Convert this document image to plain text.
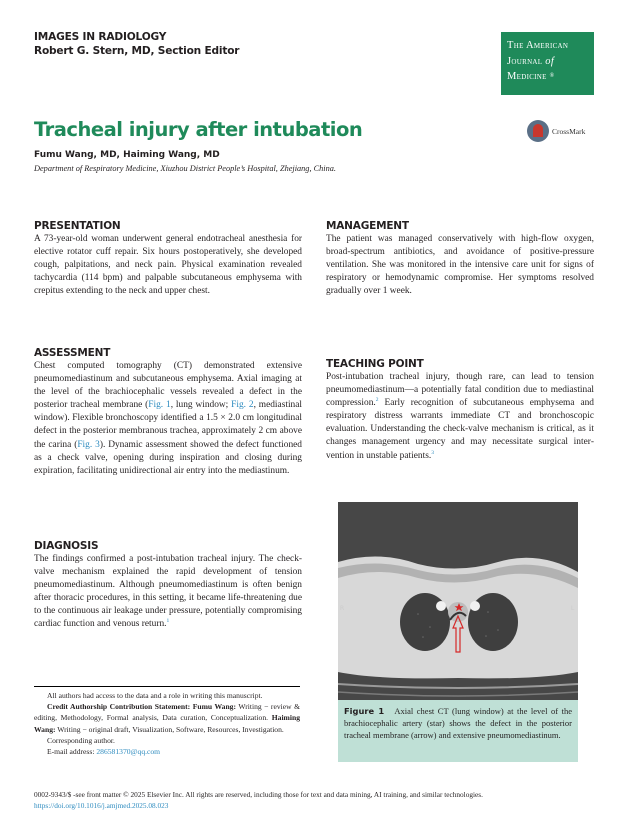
IMAGES IN RADIOLOGY
Robert G. Stern, MD, Section Editor	The American
Journal of
Medicine ®
Tracheal injury after intubation
Fumu Wang, MD, Haiming Wang, MD
Department of Respiratory Medicine, Xiuzhou District People’s Hospital, Zhejiang, China.
CrossMark
PRESENTATION

A 73-year-old woman underwent general endotracheal anesthesia for elective rotator cuff repair. Six hours postoperatively, she developed cough, palpitations, and neck pain. Physical examination revealed tachycardia (114 bpm) and palpable subcutaneous emphysema with crepitus extending to the neck and upper chest.

ASSESSMENT

Chest computed tomography (CT) demonstrated extensive pneumomediastinum and subcutaneous emphysema. Axial imaging at the level of the brachiocephalic vessels revealed a defect in the posterior tracheal membrane (Fig. 1, lung window; Fig. 2, mediastinal window). Flexible bronchoscopy identified a 1.5 × 2.0 cm longitudinal defect in the posterior membranous trachea, approximately 2 cm above the carina (Fig. 3). Dynamic assessment showed the defect functioned as a check valve, opening during inspiration and closing during expiration, facilitating unidirectional air entry into the mediastinum.

DIAGNOSIS

The findings confirmed a post-intubation tracheal injury. The check-valve mechanism explained the rapid development of tension pneumomediastinum. Although pneumomediastinum is often benign after thoracic procedures, in this setting, it became life-threatening due to the continuous air leakage under pressure, potentially compromising cardiac function and venous return.$^1$

All authors had access to the data and a role in writing this manuscript.

Credit Authorship Contribution Statement: Fumu Wang: Writing − review & editing, Methodology, Formal analysis, Data curation, Conceptualization. Haiming Wang: Writing − original draft, Visualization, Software, Resources, Investigation.

Corresponding author.

E-mail address: 286581370@qq.com

MANAGEMENT

The patient was managed conservatively with high-flow oxygen, broad-spectrum antibiotics, and avoidance of positive-pressure ventilation. She was monitored in the intensive care unit for signs of respiratory or hemodynamic compromise. Her symptoms resolved gradually over 1 week.

TEACHING POINT

Post-intubation tracheal injury, though rare, can lead to tension pneumomediastinum—a potentially fatal condition due to mediastinal compression.$^2$ Early recognition of subcutaneous emphysema and respiratory distress warrants immediate CT and bronchoscopic evaluation. Understanding the check-valve mechanism is critical, as it changes management urgency and may necessitate surgical intervention in unstable patients.$^3$

R	L
Figure 1 Axial chest CT (lung window) at the level of the brachiocephalic artery (star) shows the defect in the posterior tracheal membrane (arrow) and extensive pneumomediastinum.
0002-9343/$ -see front matter © 2025 Elsevier Inc. All rights are reserved, including those for text and data mining, AI training, and similar technologies.
https://doi.org/10.1016/j.amjmed.2025.08.023
